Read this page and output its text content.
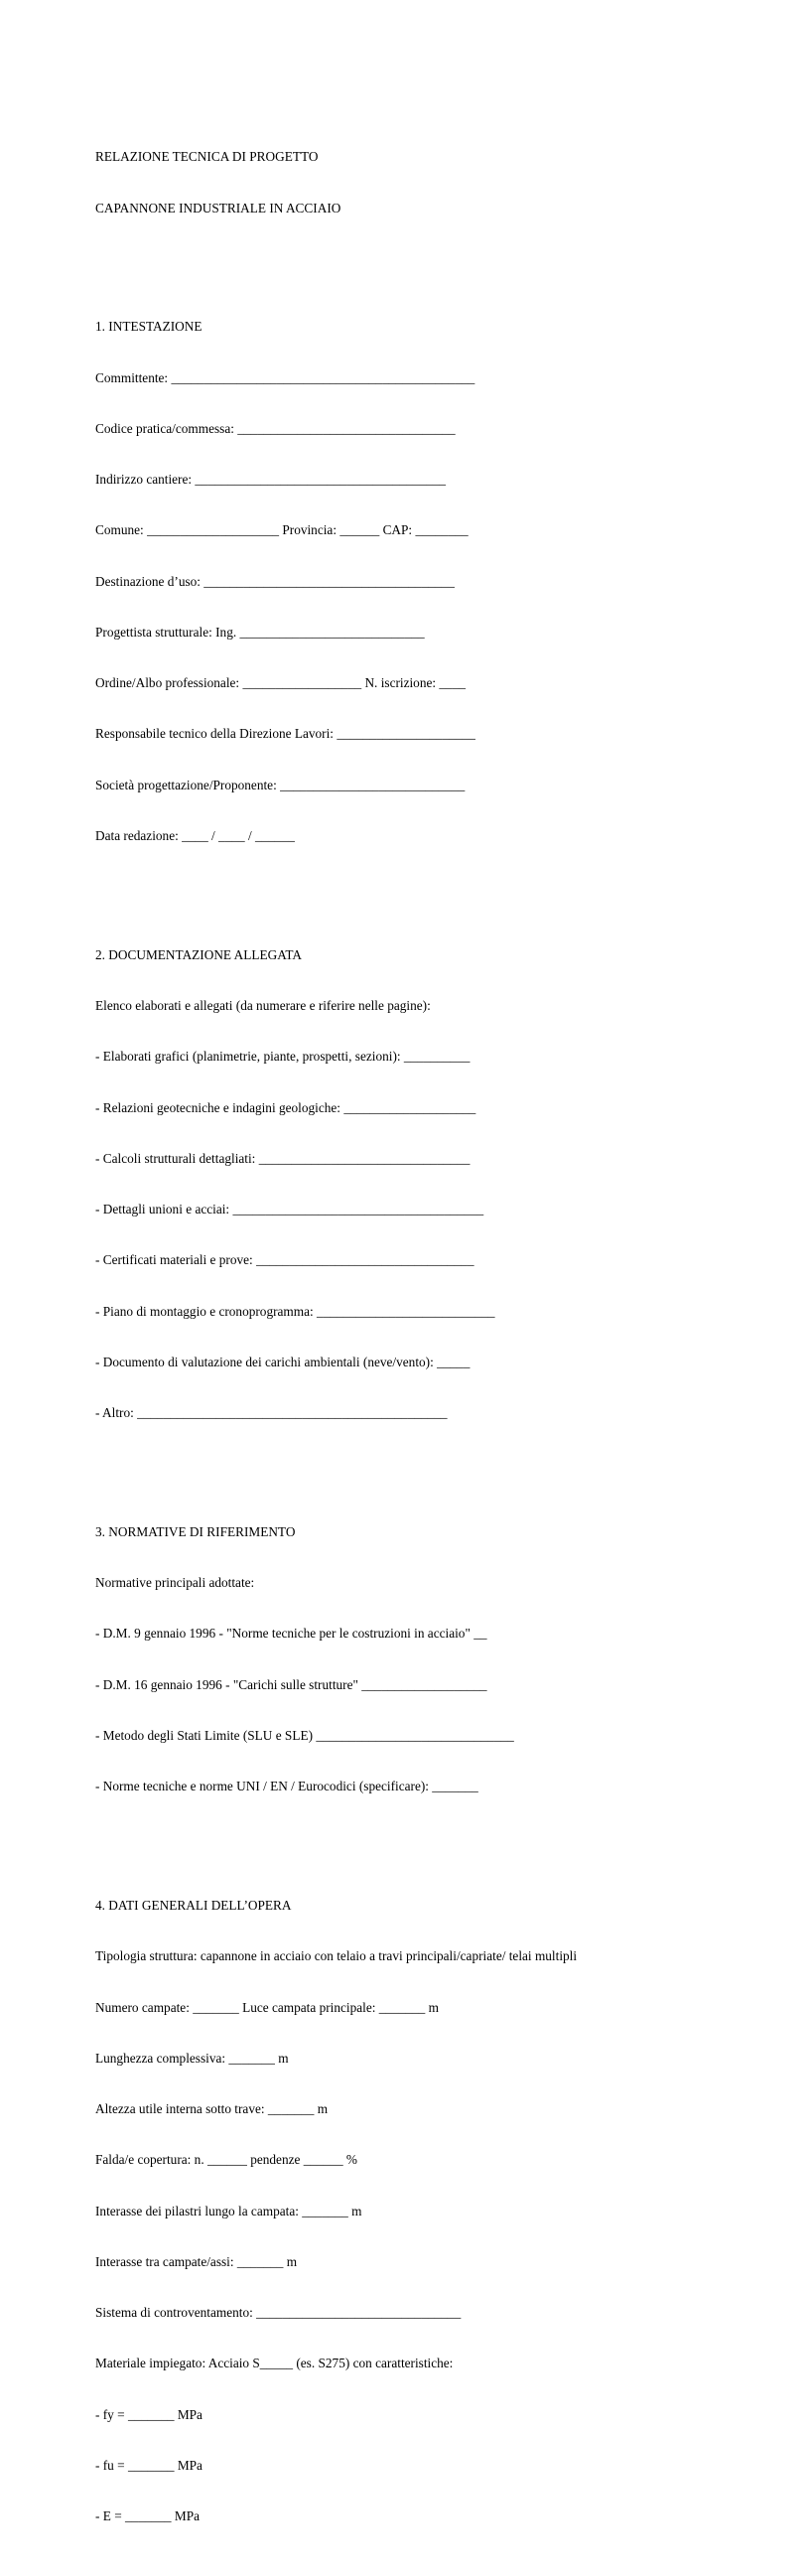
RELAZIONE TECNICA DI PROGETTO

CAPANNONE INDUSTRIALE IN ACCIAIO

1. INTESTAZIONE

Committente: ______________________________________________

Codice pratica/commessa: _________________________________

Indirizzo cantiere: ______________________________________

Comune: ____________________ Provincia: ______ CAP: ________

Destinazione d’uso: ______________________________________

Progettista strutturale: Ing. ____________________________

Ordine/Albo professionale: __________________ N. iscrizione: ____

Responsabile tecnico della Direzione Lavori: _____________________

Società progettazione/Proponente: ____________________________

Data redazione: ____ / ____ / ______

2. DOCUMENTAZIONE ALLEGATA

Elenco elaborati e allegati (da numerare e riferire nelle pagine):

- Elaborati grafici (planimetrie, piante, prospetti, sezioni): __________

- Relazioni geotecniche e indagini geologiche: ____________________

- Calcoli strutturali dettagliati: ________________________________

- Dettagli unioni e acciai: ______________________________________

- Certificati materiali e prove: _________________________________

- Piano di montaggio e cronoprogramma: ___________________________

- Documento di valutazione dei carichi ambientali (neve/vento): _____

- Altro: _______________________________________________

3. NORMATIVE DI RIFERIMENTO

Normative principali adottate:

- D.M. 9 gennaio 1996 - "Norme tecniche per le costruzioni in acciaio" __

- D.M. 16 gennaio 1996 - "Carichi sulle strutture" ___________________

- Metodo degli Stati Limite (SLU e SLE) ______________________________

- Norme tecniche e norme UNI / EN / Eurocodici (specificare): _______

4. DATI GENERALI DELL’OPERA

Tipologia struttura: capannone in acciaio con telaio a travi principali/capriate/ telai multipli

Numero campate: _______ Luce campata principale: _______ m

Lunghezza complessiva: _______ m

Altezza utile interna sotto trave: _______ m

Falda/e copertura: n. ______ pendenze ______ %

Interasse dei pilastri lungo la campata: _______ m

Interasse tra campate/assi: _______ m

Sistema di controventamento: _______________________________

Materiale impiegato: Acciaio S_____ (es. S275) con caratteristiche:

- fy = _______ MPa

- fu = _______ MPa

- E = _______ MPa
